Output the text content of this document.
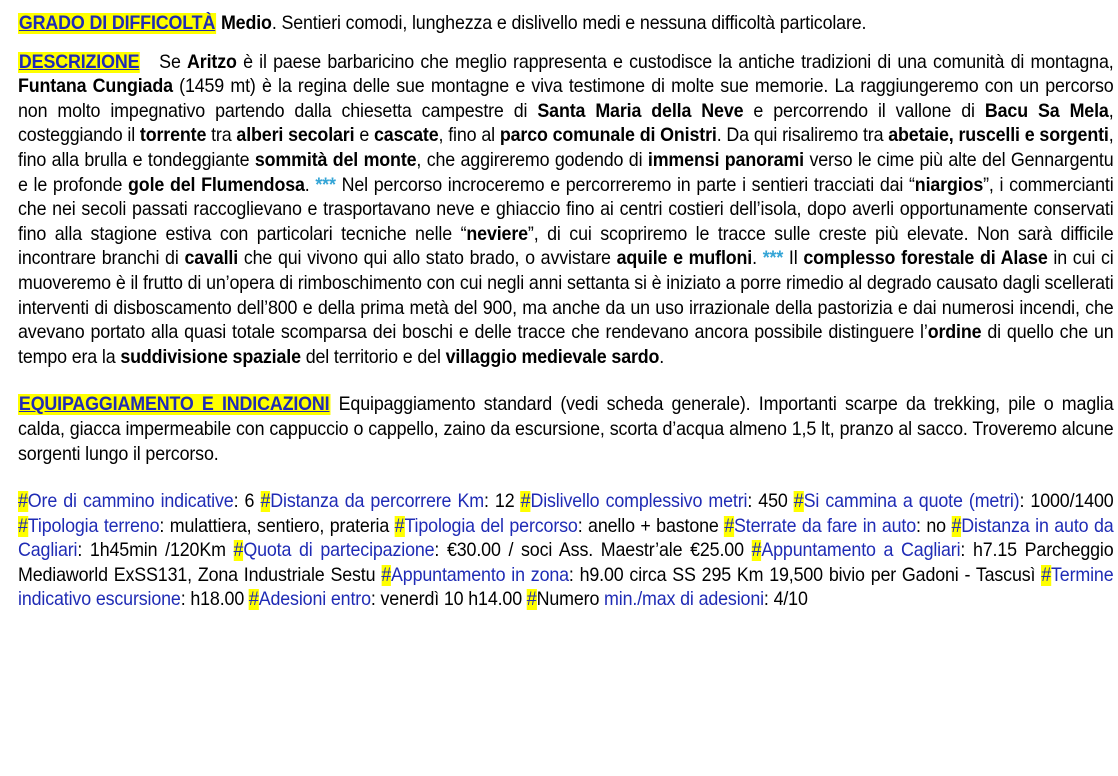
GRADO DI DIFFICOLTÀ Medio. Sentieri comodi, lunghezza e dislivello medi e nessuna difficoltà particolare.

DESCRIZIONE Se Aritzo è il paese barbaricino che meglio rappresenta e custodisce la antiche tradizioni di una comunità di montagna, Funtana Cungiada (1459 mt) è la regina delle sue montagne e viva testimone di molte sue memorie. La raggiungeremo con un percorso non molto impegnativo partendo dalla chiesetta campestre di Santa Maria della Neve e percorrendo il vallone di Bacu Sa Mela, costeggiando il torrente tra alberi secolari e cascate, fino al parco comunale di Onistri. Da qui risaliremo tra abetaie, ruscelli e sorgenti, fino alla brulla e tondeggiante sommità del monte, che aggireremo godendo di immensi panorami verso le cime più alte del Gennargentu e le profonde gole del Flumendosa. *** Nel percorso incroceremo e percorreremo in parte i sentieri tracciati dai “niargios”, i commercianti che nei secoli passati raccoglievano e trasportavano neve e ghiaccio fino ai centri costieri dell’isola, dopo averli opportunamente conservati fino alla stagione estiva con particolari tecniche nelle “neviere”, di cui scopriremo le tracce sulle creste più elevate. Non sarà difficile incontrare branchi di cavalli che qui vivono qui allo stato brado, o avvistare aquile e mufloni. *** Il complesso forestale di Alase in cui ci muoveremo è il frutto di un’opera di rimboschimento con cui negli anni settanta si è iniziato a porre rimedio al degrado causato dagli scellerati interventi di disboscamento dell’800 e della prima metà del 900, ma anche da un uso irrazionale della pastorizia e dai numerosi incendi, che avevano portato alla quasi totale scomparsa dei boschi e delle tracce che rendevano ancora possibile distinguere l’ordine di quello che un tempo era la suddivisione spaziale del territorio e del villaggio medievale sardo.

EQUIPAGGIAMENTO E INDICAZIONI Equipaggiamento standard (vedi scheda generale). Importanti scarpe da trekking, pile o maglia calda, giacca impermeabile con cappuccio o cappello, zaino da escursione, scorta d’acqua almeno 1,5 lt, pranzo al sacco. Troveremo alcune sorgenti lungo il percorso.

#Ore di cammino indicative: 6 #Distanza da percorrere Km: 12 #Dislivello complessivo metri: 450 #Si cammina a quote (metri): 1000/1400 #Tipologia terreno: mulattiera, sentiero, prateria #Tipologia del percorso: anello + bastone #Sterrate da fare in auto: no #Distanza in auto da Cagliari: 1h45min /120Km #Quota di partecipazione: €30.00 / soci Ass. Maestr’ale €25.00 #Appuntamento a Cagliari: h7.15 Parcheggio Mediaworld ExSS131, Zona Industriale Sestu #Appuntamento in zona: h9.00 circa SS 295 Km 19,500 bivio per Gadoni - Tascusì #Termine indicativo escursione: h18.00 #Adesioni entro: venerdì 10 h14.00 #Numero min./max di adesioni: 4/10
